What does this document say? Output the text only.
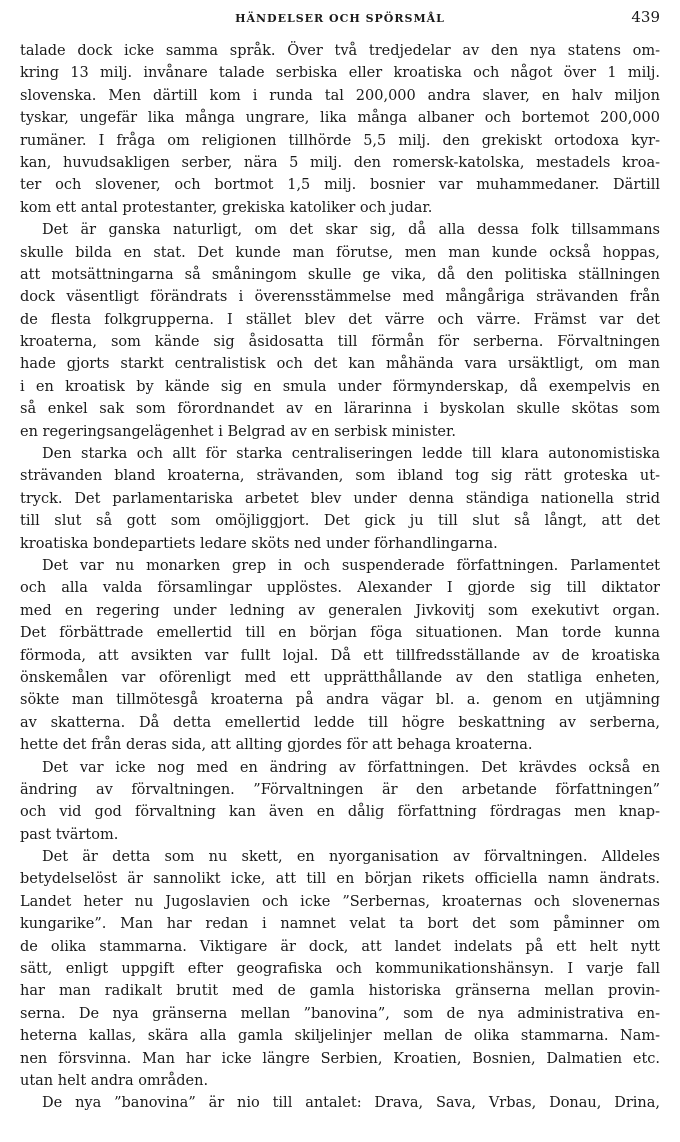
HÄNDELSER OCH SPÖRSMÅL	439
talade dock icke samma språk. Över två tredjedelar av den nya statens om-
kring 13 milj. invånare talade serbiska eller kroatiska och något över 1 milj.
slovenska. Men därtill kom i runda tal 200,000 andra slaver, en halv miljon
tyskar, ungefär lika många ungrare, lika många albaner och bortemot 200,000
rumäner. I fråga om religionen tillhörde 5,5 milj. den grekiskt ortodoxa kyr-
kan, huvudsakligen serber, nära 5 milj. den romersk-katolska, mestadels kroa-
ter och slovener, och bortmot 1,5 milj. bosnier var muhammedaner. Därtill
kom ett antal protestanter, grekiska katoliker och judar.
Det är ganska naturligt, om det skar sig, då alla dessa folk tillsammans
skulle bilda en stat. Det kunde man förutse, men man kunde också hoppas,
att motsättningarna så småningom skulle ge vika, då den politiska ställningen
dock väsentligt förändrats i överensstämmelse med mångåriga strävanden från
de flesta folkgrupperna. I stället blev det värre och värre. Främst var det
kroaterna, som kände sig åsidosatta till förmån för serberna. Förvaltningen
hade gjorts starkt centralistisk och det kan måhända vara ursäktligt, om man
i en kroatisk by kände sig en smula under förmynderskap, då exempelvis en
så enkel sak som förordnandet av en lärarinna i byskolan skulle skötas som
en regeringsangelägenhet i Belgrad av en serbisk minister.
Den starka och allt för starka centraliseringen ledde till klara autonomistiska
strävanden bland kroaterna, strävanden, som ibland tog sig rätt groteska ut-
tryck. Det parlamentariska arbetet blev under denna ständiga nationella strid
till slut så gott som omöjliggjort. Det gick ju till slut så långt, att det
kroatiska bondepartiets ledare sköts ned under förhandlingarna.
Det var nu monarken grep in och suspenderade författningen. Parlamentet
och alla valda församlingar upplöstes. Alexander I gjorde sig till diktator
med en regering under ledning av generalen Jivkovitj som exekutivt organ.
Det förbättrade emellertid till en början föga situationen. Man torde kunna
förmoda, att avsikten var fullt lojal. Då ett tillfredsställande av de kroatiska
önskemålen var oförenligt med ett upprätthållande av den statliga enheten,
sökte man tillmötesgå kroaterna på andra vägar bl. a. genom en utjämning
av skatterna. Då detta emellertid ledde till högre beskattning av serberna,
hette det från deras sida, att allting gjordes för att behaga kroaterna.
Det var icke nog med en ändring av författningen. Det krävdes också en
ändring av förvaltningen. ”Förvaltningen är den arbetande författningen”
och vid god förvaltning kan även en dålig författning fördragas men knap-
past tvärtom.
Det är detta som nu skett, en nyorganisation av förvaltningen. Alldeles
betydelselöst är sannolikt icke, att till en början rikets officiella namn ändrats.
Landet heter nu Jugoslavien och icke ”Serbernas, kroaternas och slovenernas
kungarike”. Man har redan i namnet velat ta bort det som påminner om
de olika stammarna. Viktigare är dock, att landet indelats på ett helt nytt
sätt, enligt uppgift efter geografiska och kommunikationshänsyn. I varje fall
har man radikalt brutit med de gamla historiska gränserna mellan provin-
serna. De nya gränserna mellan ”banovina”, som de nya administrativa en-
heterna kallas, skära alla gamla skiljelinjer mellan de olika stammarna. Nam-
nen försvinna. Man har icke längre Serbien, Kroatien, Bosnien, Dalmatien etc.
utan helt andra områden.
De nya ”banovina” är nio till antalet: Drava, Sava, Vrbas, Donau, Drina,
